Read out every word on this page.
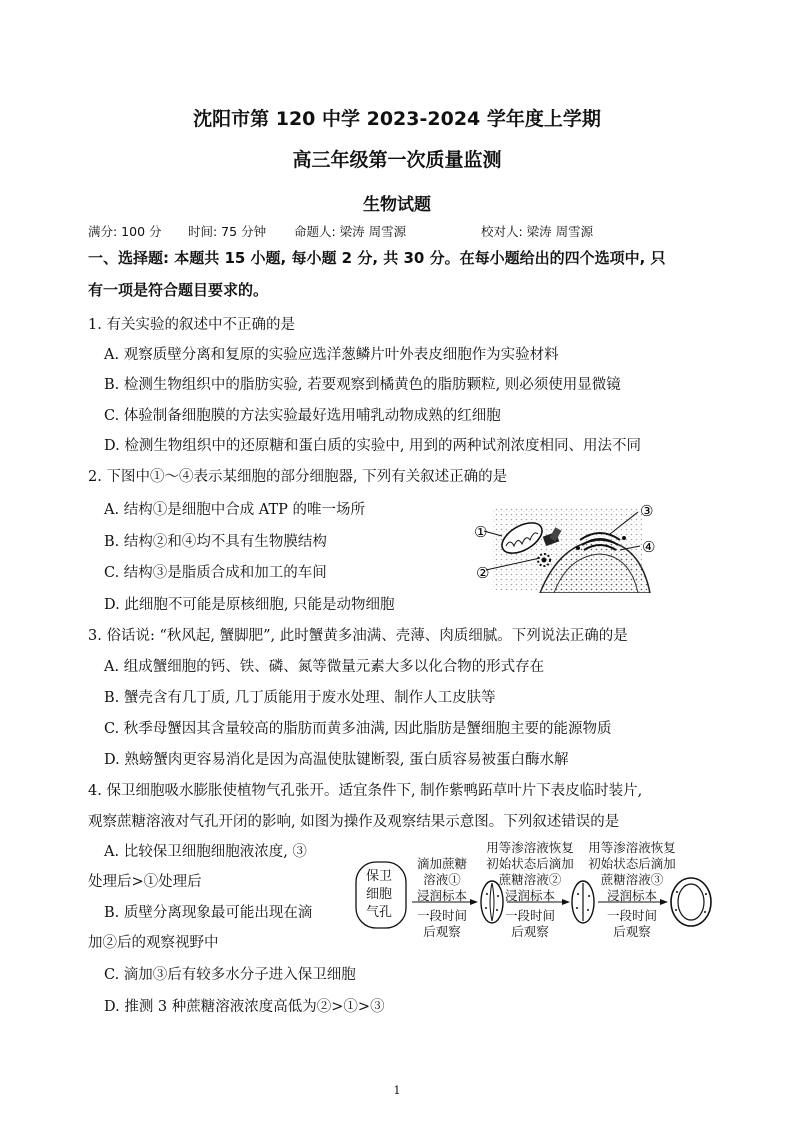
沈阳市第 120 中学 2023-2024 学年度上学期
高三年级第一次质量监测
生物试题
满分: 100 分 时间: 75 分钟 命题人: 梁涛 周雪源	校对人: 梁涛 周雪源
一、选择题: 本题共 15 小题, 每小题 2 分, 共 30 分。在每小题给出的四个选项中, 只
有一项是符合题目要求的。
1. 有关实验的叙述中不正确的是
A. 观察质壁分离和复原的实验应选洋葱鳞片叶外表皮细胞作为实验材料
B. 检测生物组织中的脂肪实验, 若要观察到橘黄色的脂肪颗粒, 则必须使用显微镜
C. 体验制备细胞膜的方法实验最好选用哺乳动物成熟的红细胞
D. 检测生物组织中的还原糖和蛋白质的实验中, 用到的两种试剂浓度相同、用法不同
2. 下图中①～④表示某细胞的部分细胞器, 下列有关叙述正确的是
A. 结构①是细胞中合成 ATP 的唯一场所
B. 结构②和④均不具有生物膜结构
C. 结构③是脂质合成和加工的车间
D. 此细胞不可能是原核细胞, 只能是动物细胞
①
②
③
④
3. 俗话说: “秋风起, 蟹脚肥”, 此时蟹黄多油满、壳薄、肉质细腻。下列说法正确的是
A. 组成蟹细胞的钙、铁、磷、氮等微量元素大多以化合物的形式存在
B. 蟹壳含有几丁质, 几丁质能用于废水处理、制作人工皮肤等
C. 秋季母蟹因其含量较高的脂肪而黄多油满, 因此脂肪是蟹细胞主要的能源物质
D. 熟螃蟹肉更容易消化是因为高温使肽键断裂, 蛋白质容易被蛋白酶水解
4. 保卫细胞吸水膨胀使植物气孔张开。适宜条件下, 制作紫鸭跖草叶片下表皮临时装片,
观察蔗糖溶液对气孔开闭的影响, 如图为操作及观察结果示意图。下列叙述错误的是
A. 比较保卫细胞细胞液浓度, ③
处理后>①处理后
B. 质壁分离现象最可能出现在滴
加②后的观察视野中
C. 滴加③后有较多水分子进入保卫细胞
D. 推测 3 种蔗糖溶液浓度高低为②>①>③
保卫
细胞
气孔
滴加蔗糖
溶液①
浸润标本
一段时间
后观察
用等渗溶液恢复
初始状态后滴加
蔗糖溶液②
浸润标本
一段时间
后观察
用等渗溶液恢复
初始状态后滴加
蔗糖溶液③
浸润标本
一段时间
后观察
1
